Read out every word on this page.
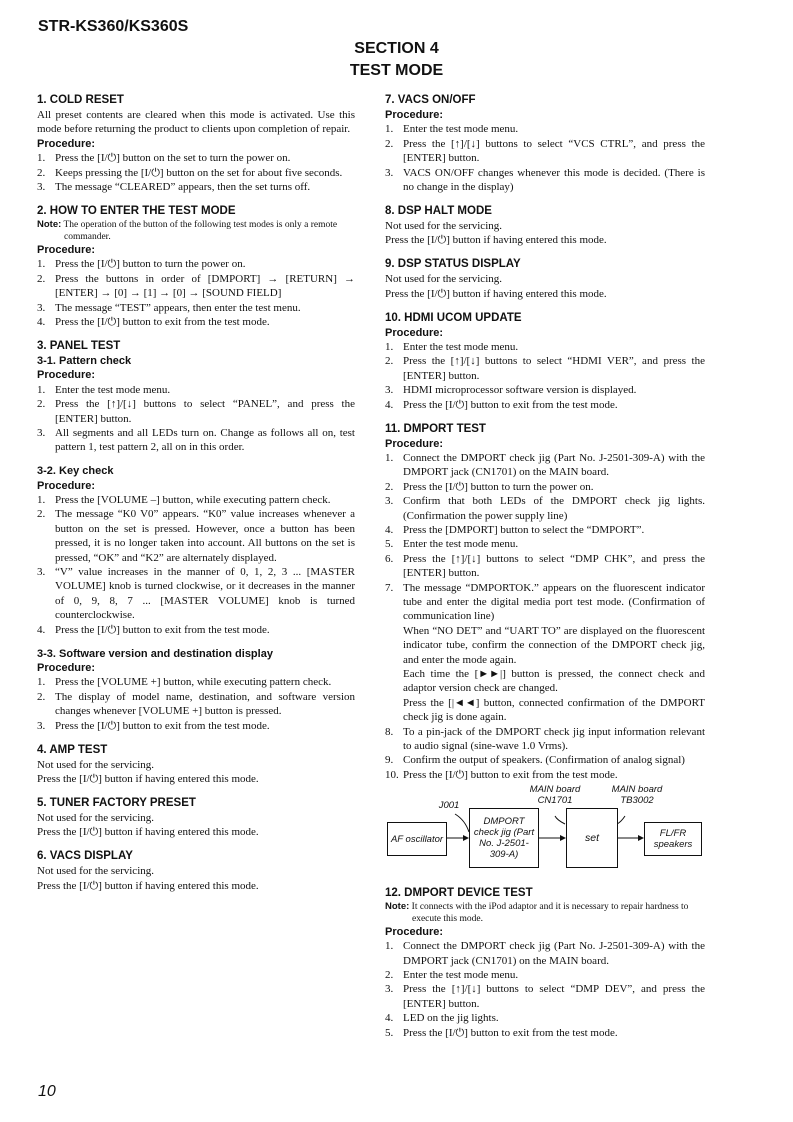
STR-KS360/KS360S
SECTION 4
TEST MODE
1. COLD RESET

All preset contents are cleared when this mode is activated. Use this mode before returning the product to clients upon completion of repair.

Procedure:
1. Press the [I/⏻] button on the set to turn the power on.
2. Keeps pressing the [I/⏻] button on the set for about five seconds.
3. The message “CLEARED” appears, then the set turns off.
2. HOW TO ENTER THE TEST MODE
Note: The operation of the button of the following test modes is only a remote commander.
Procedure:
1. Press the [I/⏻] button to turn the power on.
2. Press the buttons in order of [DMPORT] → [RETURN] → [ENTER] → [0] → [1] → [0] → [SOUND FIELD]
3. The message “TEST” appears, then enter the test menu.
4. Press the [I/⏻] button to exit from the test mode.
3. PANEL TEST
3-1. Pattern check
Procedure:
1. Enter the test mode menu.
2. Press the [↑]/[↓] buttons to select “PANEL”, and press the [ENTER] button.
3. All segments and all LEDs turn on. Change as follows all on, test pattern 1, test pattern 2, all on in this order.
3-2. Key check
Procedure:
1. Press the [VOLUME –] button, while executing pattern check.
2. The message “K0 V0” appears. “K0” value increases whenever a button on the set is pressed. However, once a button has been pressed, it is no longer taken into account. All buttons on the set is pressed, “OK” and “K2” are alternately displayed.
3. “V” value increases in the manner of 0, 1, 2, 3 ... [MASTER VOLUME] knob is turned clockwise, or it decreases in the manner of 0, 9, 8, 7 ... [MASTER VOLUME] knob is turned counterclockwise.
4. Press the [I/⏻] button to exit from the test mode.
3-3. Software version and destination display
Procedure:
1. Press the [VOLUME +] button, while executing pattern check.
2. The display of model name, destination, and software version changes whenever [VOLUME +] button is pressed.
3. Press the [I/⏻] button to exit from the test mode.
4. AMP TEST

Not used for the servicing.

Press the [I/⏻] button if having entered this mode.

5. TUNER FACTORY PRESET

Not used for the servicing.

Press the [I/⏻] button if having entered this mode.

6. VACS DISPLAY

Not used for the servicing.

Press the [I/⏻] button if having entered this mode.

7. VACS ON/OFF
Procedure:
1. Enter the test mode menu.
2. Press the [↑]/[↓] buttons to select “VCS CTRL”, and press the [ENTER] button.
3. VACS ON/OFF changes whenever this mode is decided. (There is no change in the display)
8. DSP HALT MODE

Not used for the servicing.

Press the [I/⏻] button if having entered this mode.

9. DSP STATUS DISPLAY

Not used for the servicing.

Press the [I/⏻] button if having entered this mode.

10. HDMI UCOM UPDATE
Procedure:
1. Enter the test mode menu.
2. Press the [↑]/[↓] buttons to select “HDMI VER”, and press the [ENTER] button.
3. HDMI microprocessor software version is displayed.
4. Press the [I/⏻] button to exit from the test mode.
11. DMPORT TEST
Procedure:
1. Connect the DMPORT check jig (Part No. J-2501-309-A) with the DMPORT jack (CN1701) on the MAIN board.
2. Press the [I/⏻] button to turn the power on.
3. Confirm that both LEDs of the DMPORT check jig lights. (Confirmation the power supply line)
4. Press the [DMPORT] button to select the “DMPORT”.
5. Enter the test mode menu.
6. Press the [↑]/[↓] buttons to select “DMP CHK”, and press the [ENTER] button.
7. The message “DMPORTOK.” appears on the fluorescent indicator tube and enter the digital media port test mode. (Confirmation of communication line)

When “NO DET” and “UART TO” are displayed on the fluorescent indicator tube, confirm the connection of the DMPORT check jig, and enter the mode again.

Each time the [►►|] button is pressed, the connect check and adaptor version check are changed.

Press the [|◄◄] button, connected confirmation of the DMPORT check jig is done again.

8. To a pin-jack of the DMPORT check jig input information relevant to audio signal (sine-wave 1.0 Vrms).
9. Confirm the output of speakers. (Confirmation of analog signal)
10. Press the [I/⏻] button to exit from the test mode.
AF oscillator
DMPORT check jig (Part No. J-2501-309-A)
set	FL/FR speakers
J001
MAIN board
CN1701
MAIN board
TB3002
12. DMPORT DEVICE TEST
Note: It connects with the iPod adaptor and it is necessary to repair hardness to execute this mode.
Procedure:
1. Connect the DMPORT check jig (Part No. J-2501-309-A) with the DMPORT jack (CN1701) on the MAIN board.
2. Enter the test mode menu.
3. Press the [↑]/[↓] buttons to select “DMP DEV”, and press the [ENTER] button.
4. LED on the jig lights.
5. Press the [I/⏻] button to exit from the test mode.
10
